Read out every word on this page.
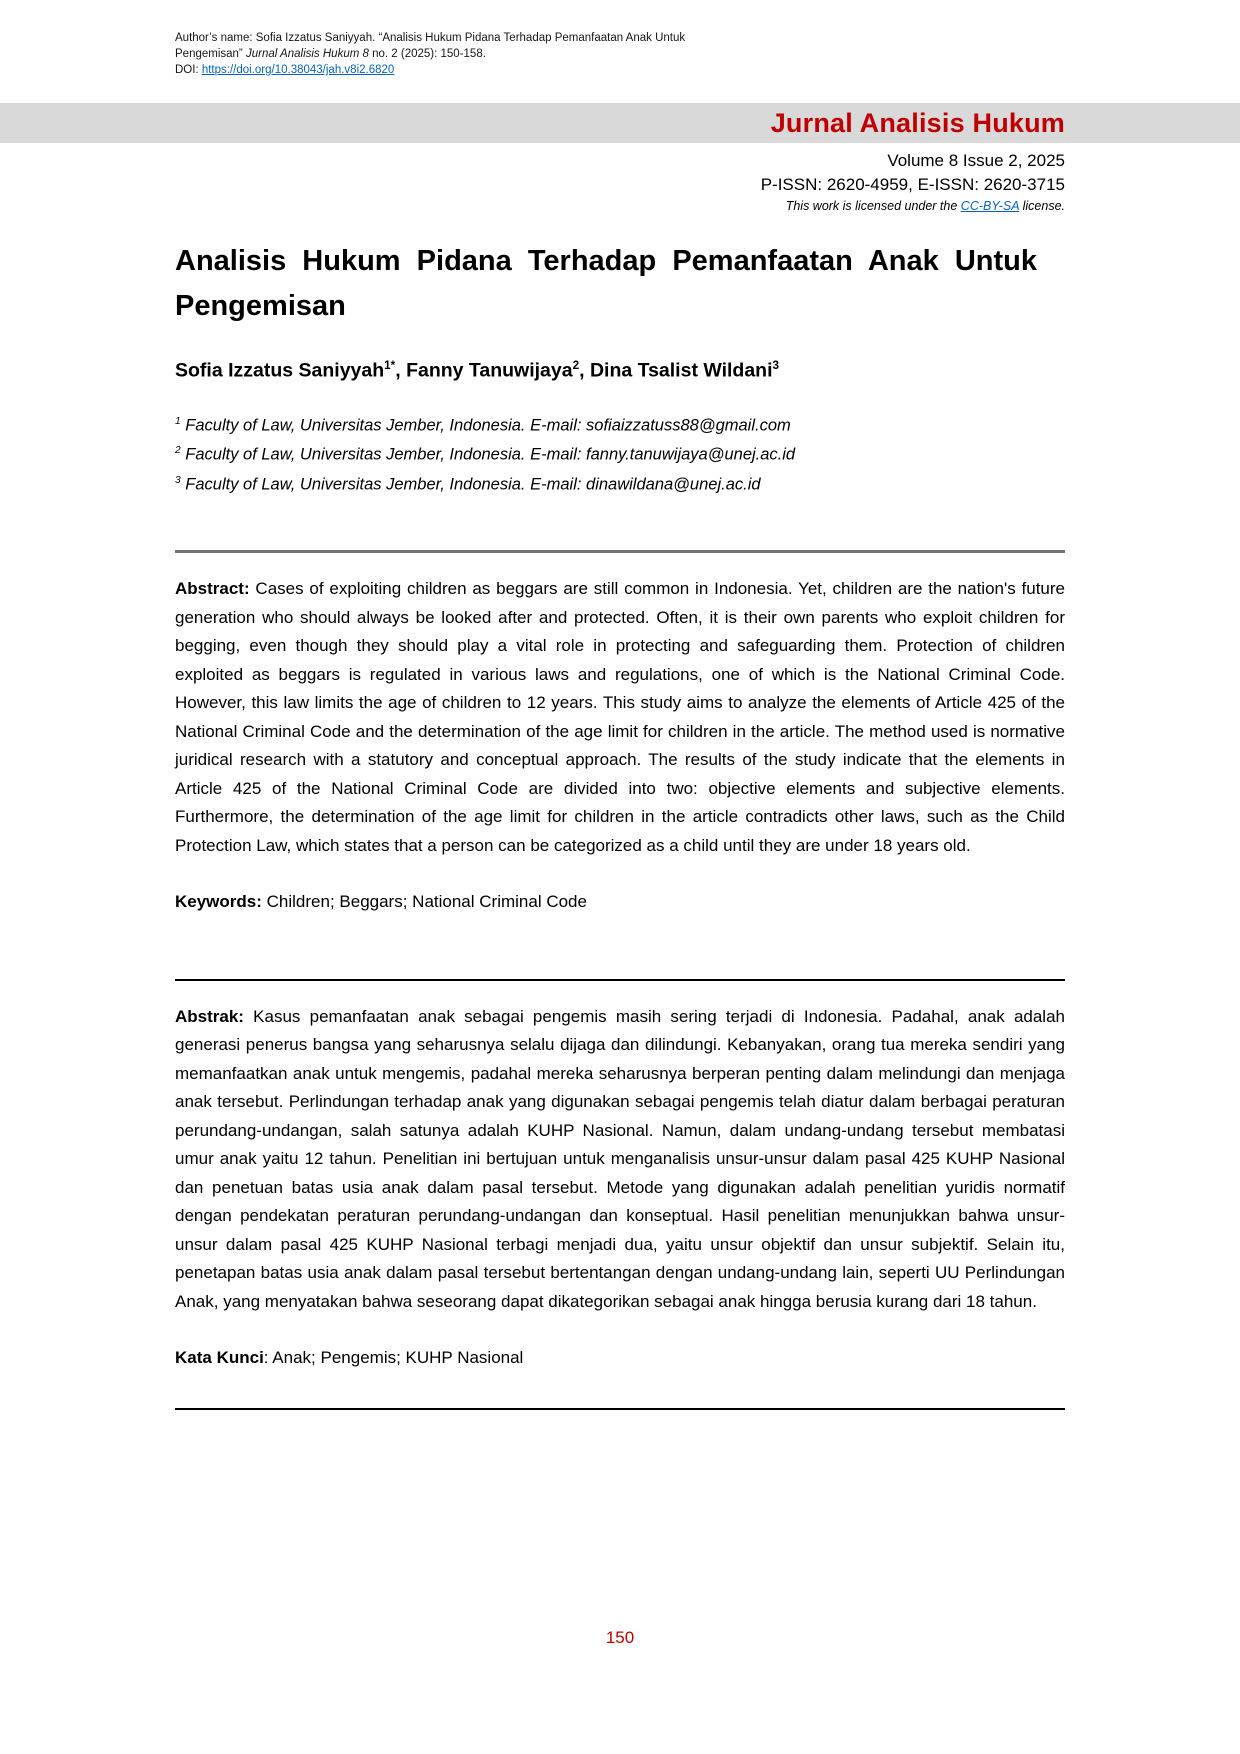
Author’s name: Sofia Izzatus Saniyyah. “Analisis Hukum Pidana Terhadap Pemanfaatan Anak Untuk
Pengemisan” Jurnal Analisis Hukum 8 no. 2 (2025): 150-158.
DOI: https://doi.org/10.38043/jah.v8i2.6820
Jurnal Analisis Hukum
Volume 8 Issue 2, 2025
P-ISSN: 2620-4959, E-ISSN: 2620-3715
This work is licensed under the CC-BY-SA license.
Analisis Hukum Pidana Terhadap Pemanfaatan Anak Untuk Pengemisan

Sofia Izzatus Saniyyah$^{1*}$, Fanny Tanuwijaya$^2$, Dina Tsalist Wildani$^3$

$^1$ Faculty of Law, Universitas Jember, Indonesia. E-mail: sofiaizzatuss88@gmail.com

$^2$ Faculty of Law, Universitas Jember, Indonesia. E-mail: fanny.tanuwijaya@unej.ac.id

$^3$ Faculty of Law, Universitas Jember, Indonesia. E-mail: dinawildana@unej.ac.id

Abstract: Cases of exploiting children as beggars are still common in Indonesia. Yet, children are the nation's future generation who should always be looked after and protected. Often, it is their own parents who exploit children for begging, even though they should play a vital role in protecting and safeguarding them. Protection of children exploited as beggars is regulated in various laws and regulations, one of which is the National Criminal Code. However, this law limits the age of children to 12 years. This study aims to analyze the elements of Article 425 of the National Criminal Code and the determination of the age limit for children in the article. The method used is normative juridical research with a statutory and conceptual approach. The results of the study indicate that the elements in Article 425 of the National Criminal Code are divided into two: objective elements and subjective elements. Furthermore, the determination of the age limit for children in the article contradicts other laws, such as the Child Protection Law, which states that a person can be categorized as a child until they are under 18 years old.

Keywords: Children; Beggars; National Criminal Code

Abstrak: Kasus pemanfaatan anak sebagai pengemis masih sering terjadi di Indonesia. Padahal, anak adalah generasi penerus bangsa yang seharusnya selalu dijaga dan dilindungi. Kebanyakan, orang tua mereka sendiri yang memanfaatkan anak untuk mengemis, padahal mereka seharusnya berperan penting dalam melindungi dan menjaga anak tersebut. Perlindungan terhadap anak yang digunakan sebagai pengemis telah diatur dalam berbagai peraturan perundang-undangan, salah satunya adalah KUHP Nasional. Namun, dalam undang-undang tersebut membatasi umur anak yaitu 12 tahun. Penelitian ini bertujuan untuk menganalisis unsur-unsur dalam pasal 425 KUHP Nasional dan penetuan batas usia anak dalam pasal tersebut. Metode yang digunakan adalah penelitian yuridis normatif dengan pendekatan peraturan perundang-undangan dan konseptual. Hasil penelitian menunjukkan bahwa unsur-unsur dalam pasal 425 KUHP Nasional terbagi menjadi dua, yaitu unsur objektif dan unsur subjektif. Selain itu, penetapan batas usia anak dalam pasal tersebut bertentangan dengan undang-undang lain, seperti UU Perlindungan Anak, yang menyatakan bahwa seseorang dapat dikategorikan sebagai anak hingga berusia kurang dari 18 tahun.

Kata Kunci: Anak; Pengemis; KUHP Nasional

150
